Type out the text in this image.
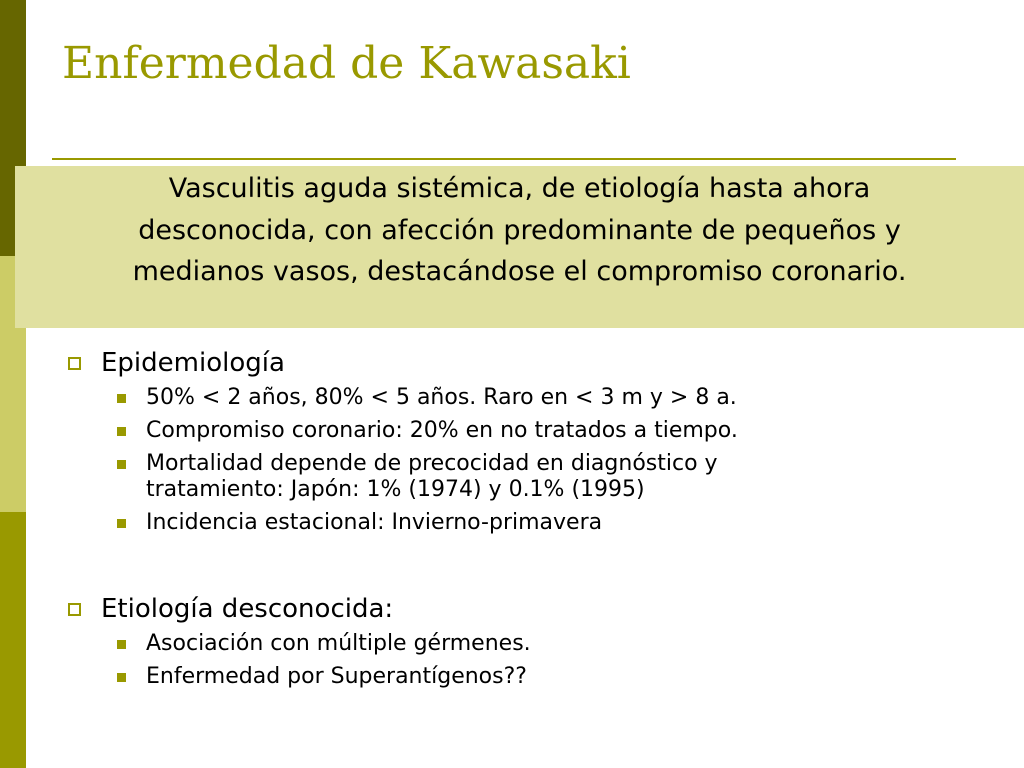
Enfermedad de Kawasaki
Vasculitis aguda sistémica, de etiología hasta ahora
desconocida, con afección predominante de pequeños y
medianos vasos, destacándose el compromiso coronario.
Epidemiología
50% < 2 años, 80% < 5 años. Raro en < 3 m y > 8 a.
Compromiso coronario: 20% en no tratados a tiempo.
Mortalidad depende de precocidad en diagnóstico y
tratamiento: Japón: 1% (1974) y 0.1% (1995)
Incidencia estacional: Invierno-primavera
Etiología desconocida:
Asociación con múltiple gérmenes.
Enfermedad por Superantígenos??
